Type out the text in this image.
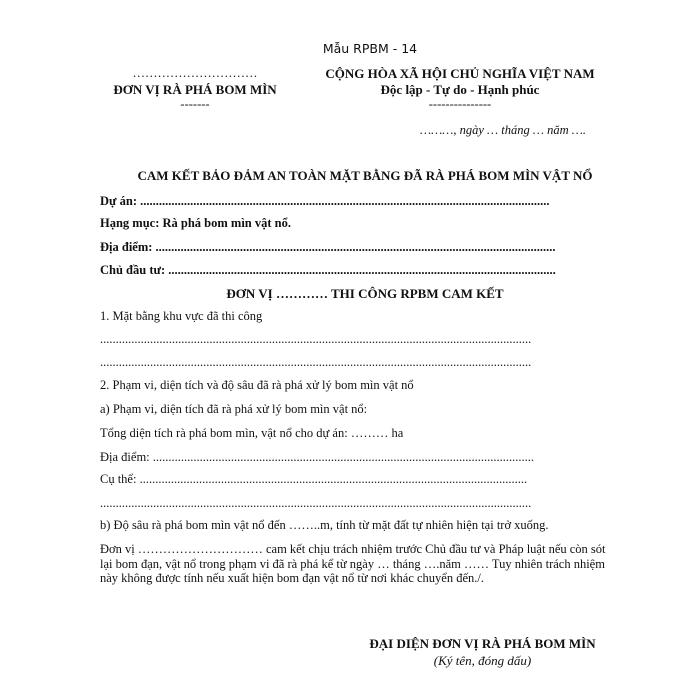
Mẫu RPBM - 14
…………………………
ĐƠN VỊ RÀ PHÁ BOM MÌN
-------
CỘNG HÒA XÃ HỘI CHỦ NGHĨA VIỆT NAM
Độc lập - Tự do - Hạnh phúc
---------------
………, ngày … tháng … năm ….
CAM KẾT BẢO ĐẢM AN TOÀN MẶT BẰNG ĐÃ RÀ PHÁ BOM MÌN VẬT NỔ
Dự án: ...................................................................................................................................
Hạng mục: Rà phá bom mìn vật nổ.
Địa điểm: ................................................................................................................................
Chủ đầu tư: ............................................................................................................................
ĐƠN VỊ ………… THI CÔNG RPBM CAM KẾT
1. Mặt bằng khu vực đã thi công
..........................................................................................................................................
..........................................................................................................................................
2. Phạm vi, diện tích và độ sâu đã rà phá xử lý bom mìn vật nổ
a) Phạm vi, diện tích đã rà phá xử lý bom mìn vật nổ:
Tổng diện tích rà phá bom mìn, vật nổ cho dự án: ……… ha
Địa điểm: ..........................................................................................................................
Cụ thể: ............................................................................................................................
..........................................................................................................................................
b) Độ sâu rà phá bom mìn vật nổ đến ……..m, tính từ mặt đất tự nhiên hiện tại trở xuống.
Đơn vị ………………………… cam kết chịu trách nhiệm trước Chủ đầu tư và Pháp luật nếu còn sót lại bom đạn, vật nổ trong phạm vi đã rà phá kể từ ngày … tháng ….năm …… Tuy nhiên trách nhiệm này không được tính nếu xuất hiện bom đạn vật nổ từ nơi khác chuyển đến./.
ĐẠI DIỆN ĐƠN VỊ RÀ PHÁ BOM MÌN
(Ký tên, đóng dấu)
